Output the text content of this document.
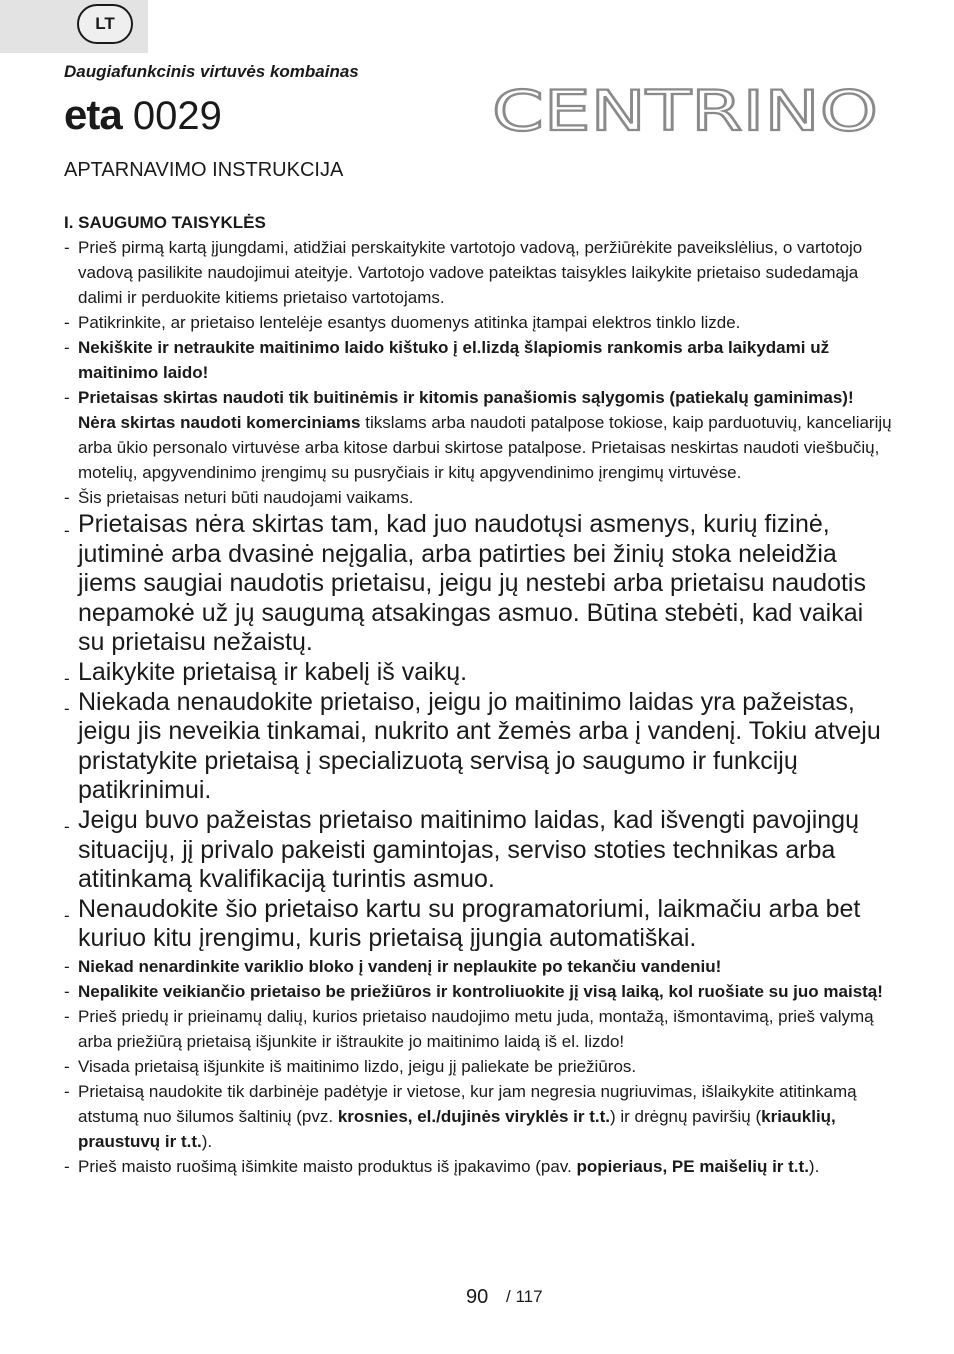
LT
Daugiafunkcinis virtuvės kombainas
eta 0029	CENTRINO
APTARNAVIMO INSTRUKCIJA

I. SAUGUMO TAISYKLĖS

- Prieš pirmą kartą įjungdami, atidžiai perskaitykite vartotojo vadovą, peržiūrėkite paveikslėlius, o vartotojo vadovą pasilikite naudojimui ateityje. Vartotojo vadove pateiktas taisykles laikykite prietaiso sudedamąja dalimi ir perduokite kitiems prietaiso vartotojams.
- Patikrinkite, ar prietaiso lentelėje esantys duomenys atitinka įtampai elektros tinklo lizde.
- Nekiškite ir netraukite maitinimo laido kištuko į el.lizdą šlapiomis rankomis arba laikydami už maitinimo laido!
- Prietaisas skirtas naudoti tik buitinėmis ir kitomis panašiomis sąlygomis (patiekalų gaminimas)! Nėra skirtas naudoti komerciniams tikslams arba naudoti patalpose tokiose, kaip parduotuvių, kanceliarijų arba ūkio personalo virtuvėse arba kitose darbui skirtose patalpose. Prietaisas neskirtas naudoti viešbučių, motelių, apgyvendinimo įrengimų su pusryčiais ir kitų apgyvendinimo įrengimų virtuvėse.
- Šis prietaisas neturi būti naudojami vaikams.
- Prietaisas nėra skirtas tam, kad juo naudotųsi asmenys, kurių fizinė, jutiminė arba dvasinė neįgalia, arba patirties bei žinių stoka neleidžia jiems saugiai naudotis prietaisu, jeigu jų nestebi arba prietaisu naudotis nepamokė už jų saugumą atsakingas asmuo. Būtina stebėti, kad vaikai su prietaisu nežaistų.
- Laikykite prietaisą ir kabelį iš vaikų.
- Niekada nenaudokite prietaiso, jeigu jo maitinimo laidas yra pažeistas, jeigu jis neveikia tinkamai, nukrito ant žemės arba į vandenį. Tokiu atveju pristatykite prietaisą į specializuotą servisą jo saugumo ir funkcijų patikrinimui.
- Jeigu buvo pažeistas prietaiso maitinimo laidas, kad išvengti pavojingų situacijų, jį privalo pakeisti gamintojas, serviso stoties technikas arba atitinkamą kvalifikaciją turintis asmuo.
- Nenaudokite šio prietaiso kartu su programatoriumi, laikmačiu arba bet kuriuo kitu įrengimu, kuris prietaisą įjungia automatiškai.
- Niekad nenardinkite variklio bloko į vandenį ir neplaukite po tekančiu vandeniu!
- Nepalikite veikiančio prietaiso be priežiūros ir kontroliuokite jį visą laiką, kol ruošiate su juo maistą!
- Prieš priedų ir prieinamų dalių, kurios prietaiso naudojimo metu juda, montažą, išmontavimą, prieš valymą arba priežiūrą prietaisą išjunkite ir ištraukite jo maitinimo laidą iš el. lizdo!
- Visada prietaisą išjunkite iš maitinimo lizdo, jeigu jį paliekate be priežiūros.
- Prietaisą naudokite tik darbinėje padėtyje ir vietose, kur jam negresia nugriuvimas, išlaikykite atitinkamą atstumą nuo šilumos šaltinių (pvz. krosnies, el./dujinės viryklės ir t.t.) ir drėgnų paviršių (kriauklių, praustuvų ir t.t.).
- Prieš maisto ruošimą išimkite maisto produktus iš įpakavimo (pav. popieriaus, PE maišelių ir t.t.).
90 / 117
